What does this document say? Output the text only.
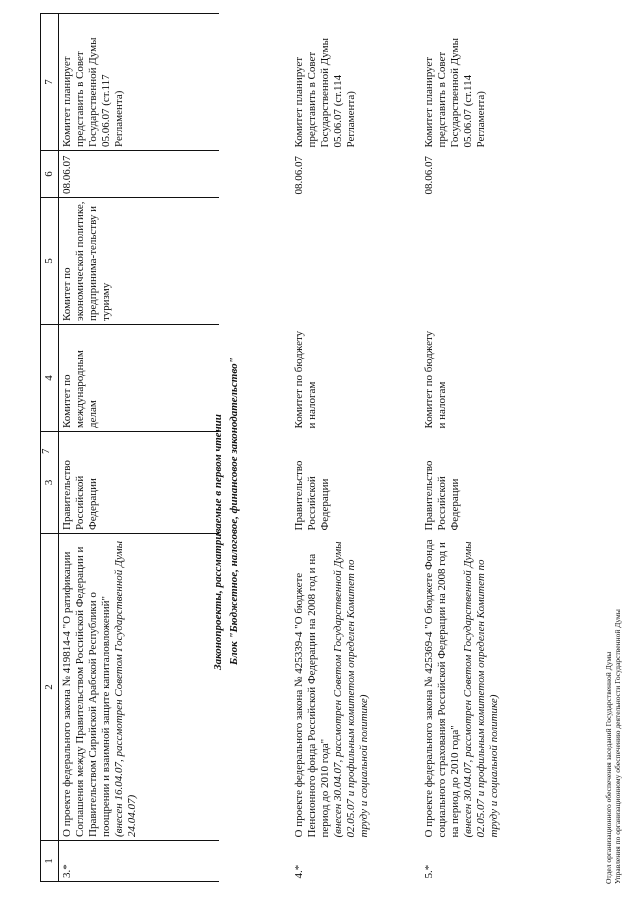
7
1	2	3	4	5	6	7
3.*	О проекте федерального закона № 419814-4 "О ратификации Соглашения между Правительством Российской Федерации и Правительством Сирийской Арабской Республики о поощрении и взаимной защите капиталовложений" (внесен 16.04.07, рассмотрен Советом Государственной Думы 24.04.07)	Правительство Российской Федерации	Комитет по международным делам	Комитет по экономической политике, предпринима-тельству и туризму	08.06.07	Комитет планирует представить в Совет Государственной Думы 05.06.07 (ст.117 Регламента)

4.*	О проекте федерального закона № 425339-4 "О бюджете Пенсионного фонда Российской Федерации на 2008 год и на период до 2010 года" (внесен 30.04.07, рассмотрен Советом Государственной Думы 02.05.07 и профильным комитетом определен Комитет по труду и социальной политике)	Правительство Российской Федерации	Комитет по бюджету и налогам		08.06.07	Комитет планирует представить в Совет Государственной Думы 05.06.07 (ст.114 Регламента)
5.*	О проекте федерального закона № 425369-4 "О бюджете Фонда социального страхования Российской Федерации на 2008 год и на период до 2010 года" (внесен 30.04.07, рассмотрен Советом Государственной Думы 02.05.07 и профильным комитетом определен Комитет по труду и социальной политике)	Правительство Российской Федерации	Комитет по бюджету и налогам		08.06.07	Комитет планирует представить в Совет Государственной Думы 05.06.07 (ст.114 Регламента)
Законопроекты, рассматриваемые в первом чтении Блок "Бюджетное, налоговое, финансовое законодательство"
Отдел организационного обеспечения заседаний Государственной Думы Управления по организационному обеспечению деятельности Государственной Думы
